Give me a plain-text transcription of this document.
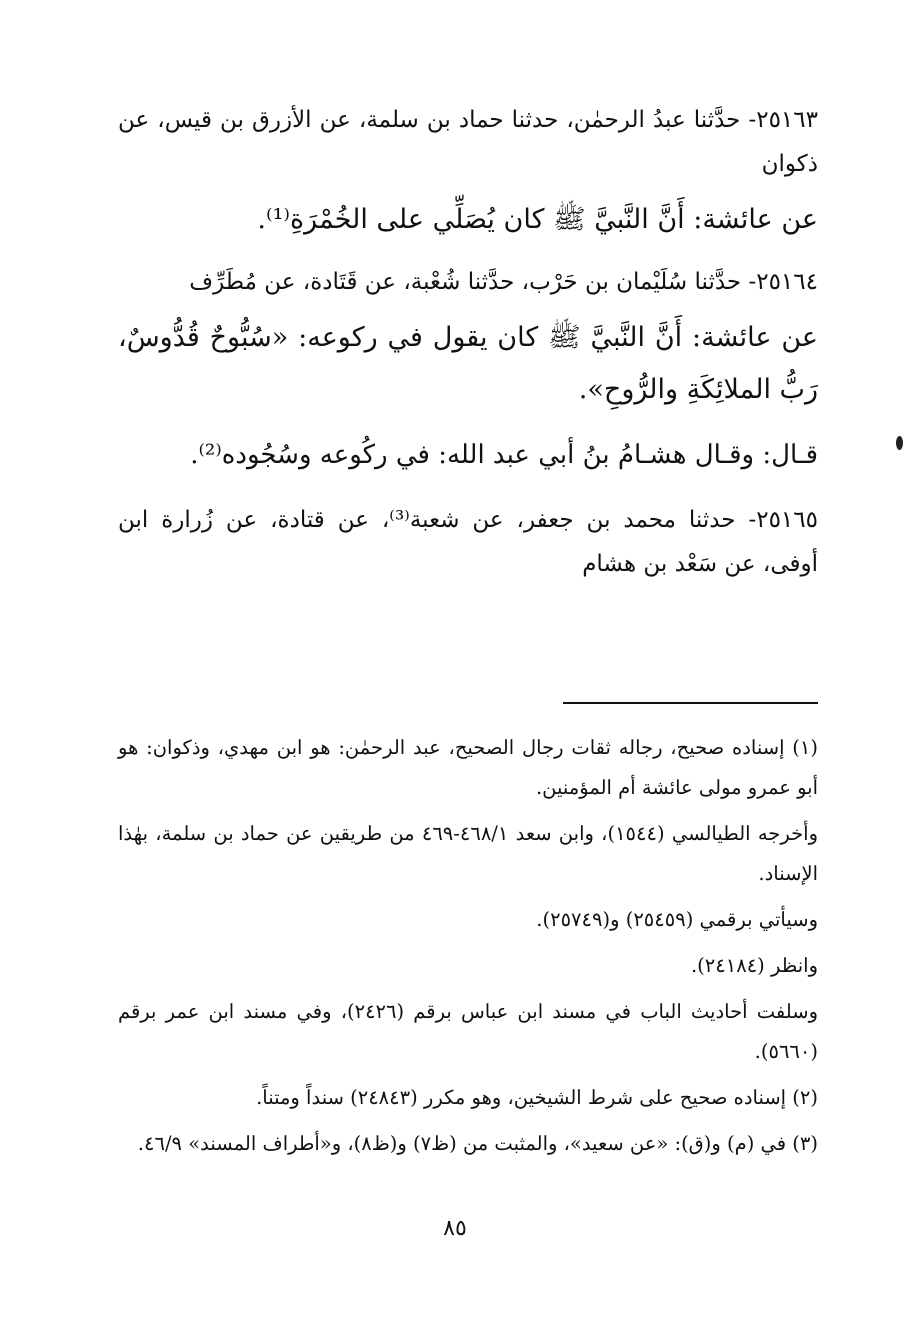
٢٥١٦٣- حدَّثنا عبدُ الرحمٰن، حدثنا حماد بن سلمة، عن الأزرق بن قيس، عن ذكوان

عن عائشة: أَنَّ النَّبيَّ ﷺ كان يُصَلِّي على الخُمْرَةِ⁽¹⁾.

٢٥١٦٤- حدَّثنا سُلَيْمان بن حَرْب، حدَّثنا شُعْبة، عن قَتَادة، عن مُطَرِّف

عن عائشة: أَنَّ النَّبيَّ ﷺ كان يقول في ركوعه: «سُبُّوحٌ قُدُّوسٌ، رَبُّ الملائِكَةِ والرُّوحِ».

قـال: وقـال هشـامُ بنُ أبي عبد الله: في ركُوعه وسُجُوده⁽²⁾.

٢٥١٦٥- حدثنا محمد بن جعفر، عن شعبة⁽³⁾، عن قتادة، عن زُرارة ابن أوفى، عن سَعْد بن هشام

(١) إسناده صحيح، رجاله ثقات رجال الصحيح، عبد الرحمٰن: هو ابن مهدي، وذكوان: هو أبو عمرو مولى عائشة أم المؤمنين.

وأخرجه الطيالسي (١٥٤٤)، وابن سعد ٤٦٨/١-٤٦٩ من طريقين عن حماد بن سلمة، بهٰذا الإسناد.

وسيأتي برقمي (٢٥٤٥٩) و(٢٥٧٤٩).

وانظر (٢٤١٨٤).

وسلفت أحاديث الباب في مسند ابن عباس برقم (٢٤٢٦)، وفي مسند ابن عمر برقم (٥٦٦٠).

(٢) إسناده صحيح على شرط الشيخين، وهو مكرر (٢٤٨٤٣) سنداً ومتناً.

(٣) في (م) و(ق): «عن سعيد»، والمثبت من (ظ٧) و(ظ٨)، و«أطراف المسند» ٤٦/٩.

٨٥
